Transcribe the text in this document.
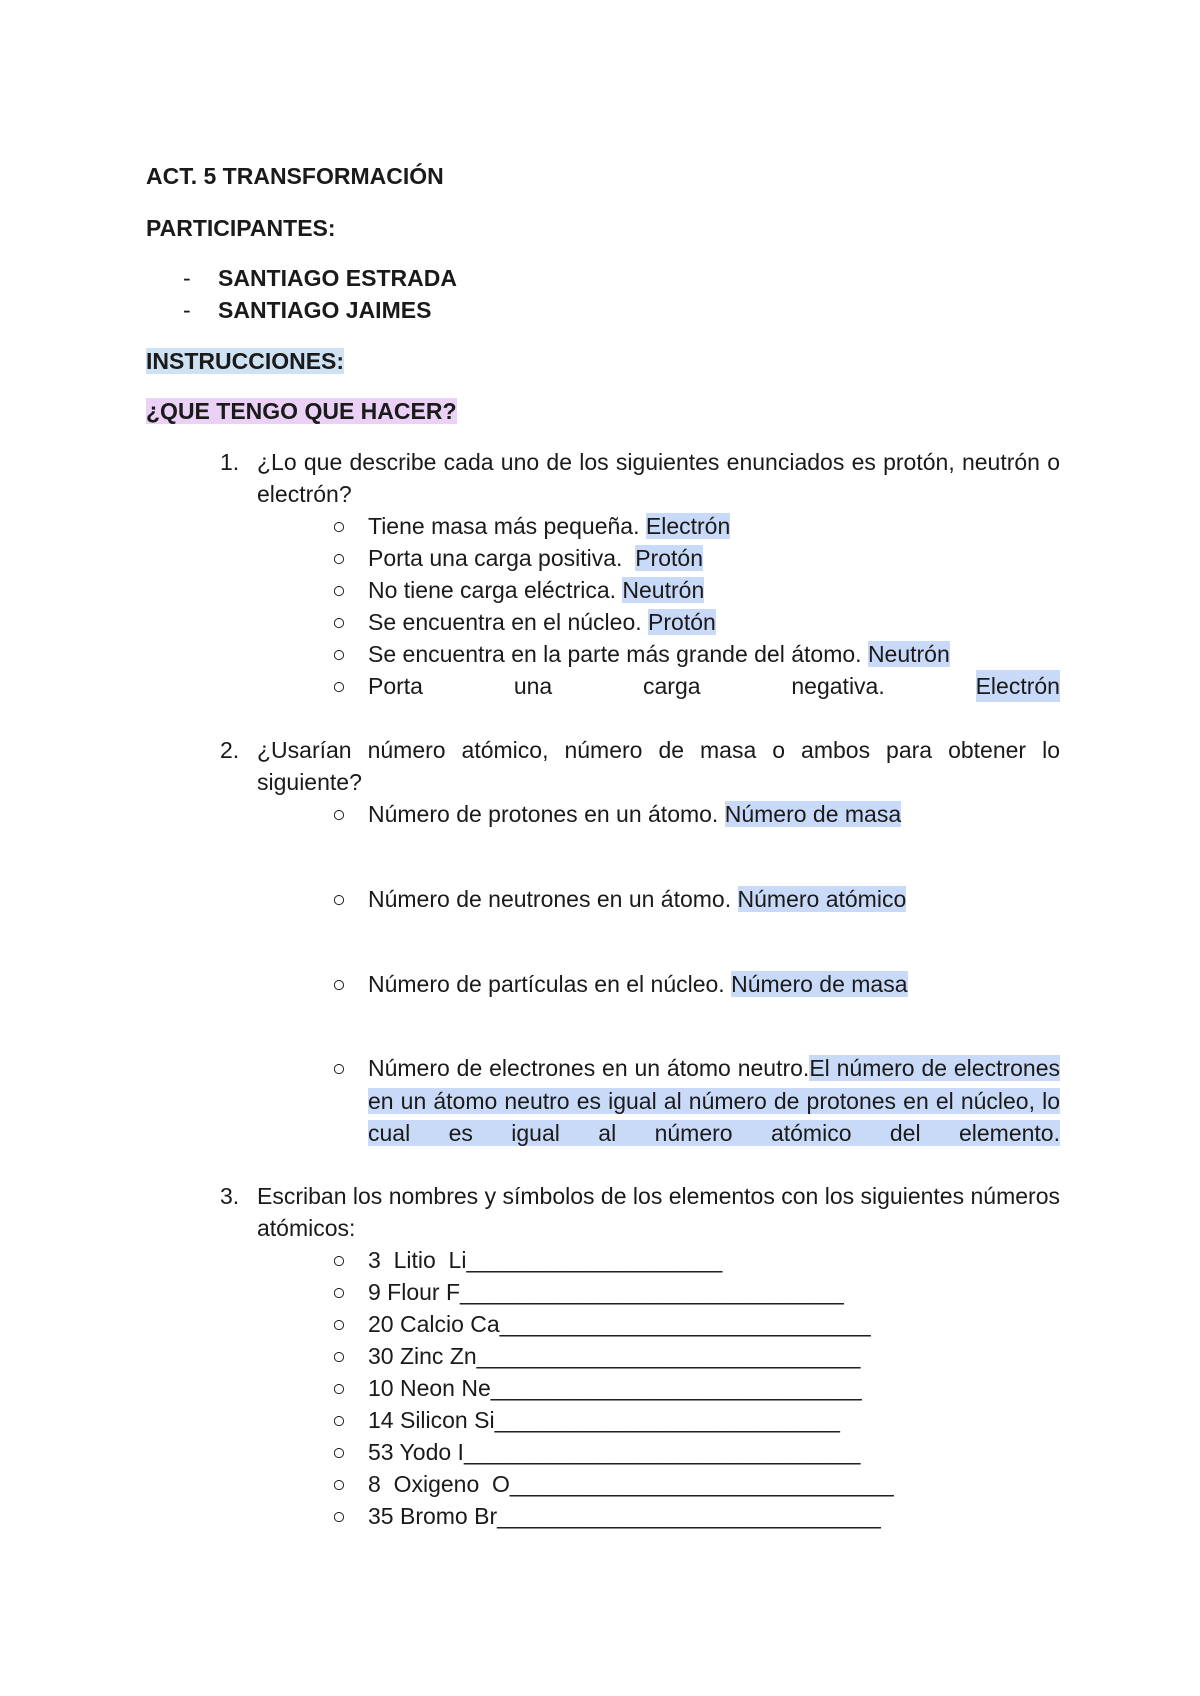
ACT. 5 TRANSFORMACIÓN
PARTICIPANTES:
- SANTIAGO ESTRADA
- SANTIAGO JAIMES
INSTRUCCIONES:
¿QUE TENGO QUE HACER?
1. ¿Lo que describe cada uno de los siguientes enunciados es protón, neutrón o electrón?
○ Tiene masa más pequeña. Electrón
○ Porta una carga positiva.  Protón
○ No tiene carga eléctrica. Neutrón
○ Se encuentra en el núcleo. Protón
○ Se encuentra en la parte más grande del átomo. Neutrón
○ Porta	una	carga	negativa.	Electrón
2. ¿Usarían número atómico, número de masa o ambos para obtener lo siguiente?
○ Número de protones en un átomo. Número de masa
○ Número de neutrones en un átomo. Número atómico
○ Número de partículas en el núcleo. Número de masa
○ Número de electrones en un átomo neutro.El número de electrones en un átomo neutro es igual al número de protones en el núcleo, lo cual es igual al número atómico del elemento.
3. Escriban los nombres y símbolos de los elementos con los siguientes números atómicos:
○ 3  Litio  Li____________________
○ 9 Flour F______________________________
○ 20 Calcio Ca_____________________________
○ 30 Zinc Zn______________________________
○ 10 Neon Ne_____________________________
○ 14 Silicon Si___________________________
○ 53 Yodo I_______________________________
○ 8  Oxigeno  O______________________________
○ 35 Bromo Br______________________________
